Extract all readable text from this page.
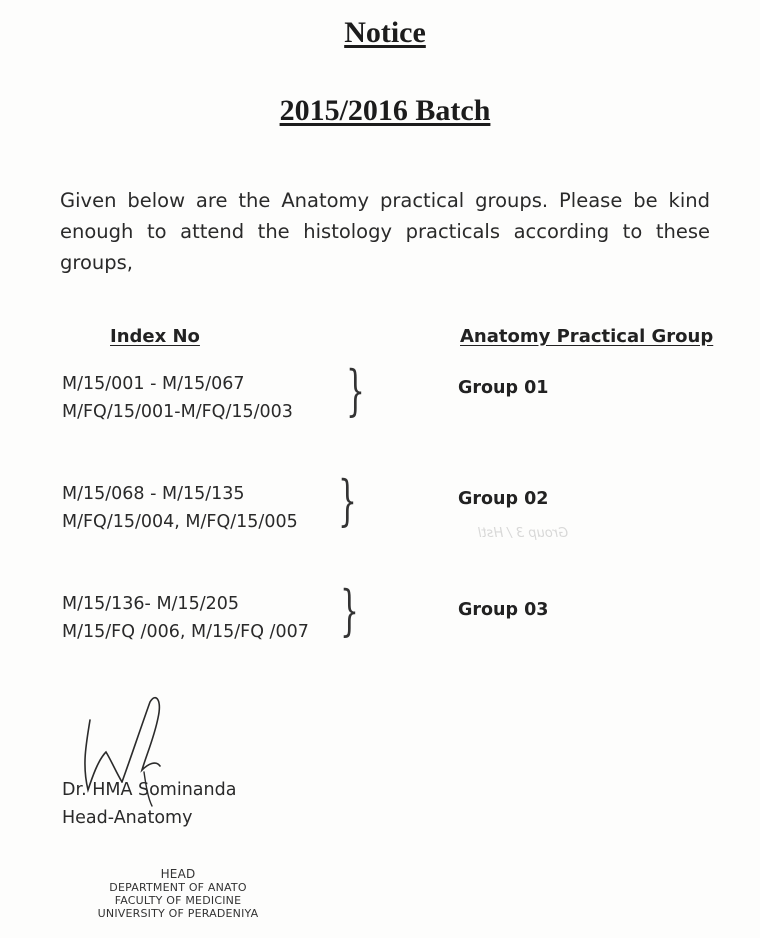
Notice
2015/2016 Batch

Given below are the Anatomy practical groups. Please be kind enough to attend the histology practicals according to these groups,

Index No	Anatomy Practical Group
M/15/001 - M/15/067
M/FQ/15/001-M/FQ/15/003 }	Group 01
M/15/068 - M/15/135
M/FQ/15/004, M/FQ/15/005 }	Group 02
Group 3 / Hstl
M/15/136- M/15/205
M/15/FQ /006, M/15/FQ /007 }	Group 03
Dr. HMA Sominanda
Head-Anatomy
HEAD
DEPARTMENT OF ANATO
FACULTY OF MEDICINE
UNIVERSITY OF PERADENIYA
